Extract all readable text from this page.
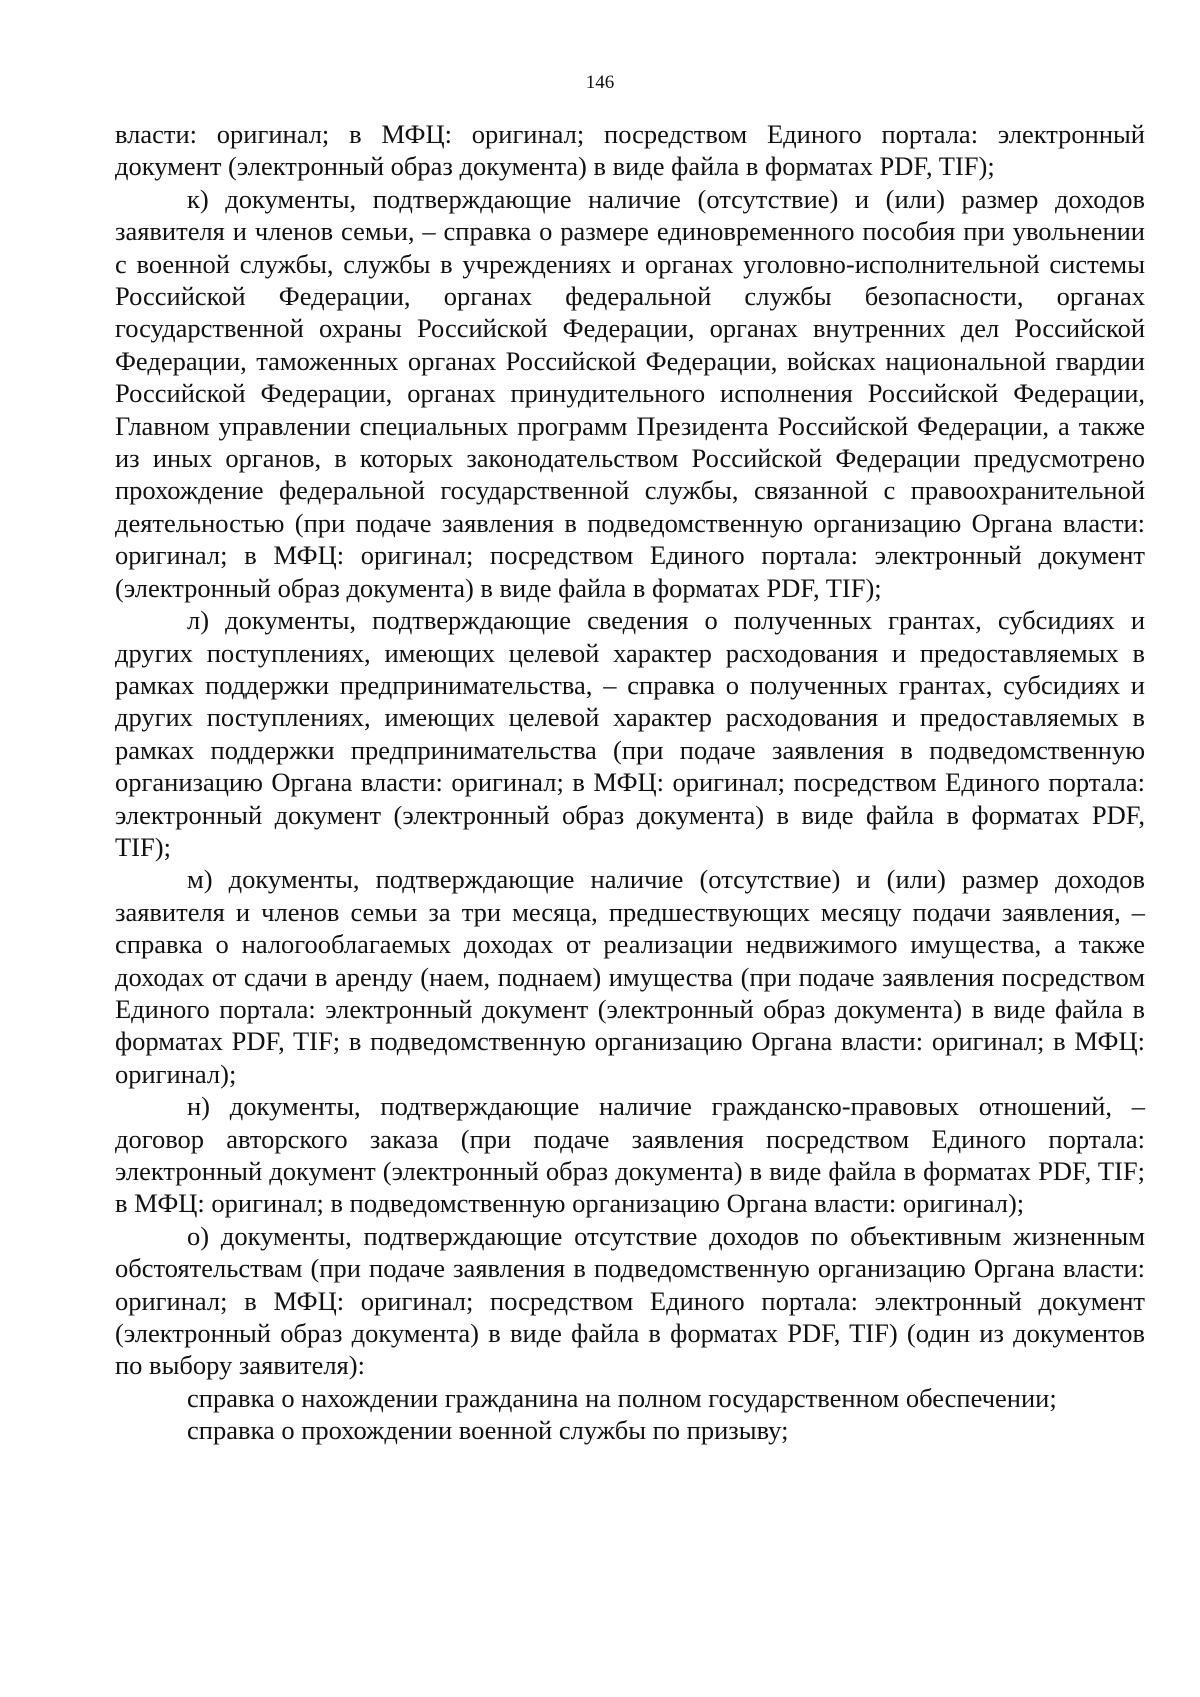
146

власти: оригинал; в МФЦ: оригинал; посредством Единого портала: электронный документ (электронный образ документа) в виде файла в форматах PDF, TIF);

к) документы, подтверждающие наличие (отсутствие) и (или) размер доходов заявителя и членов семьи, – справка о размере единовременного пособия при увольнении с военной службы, службы в учреждениях и органах уголовно-исполнительной системы Российской Федерации, органах федеральной службы безопасности, органах государственной охраны Российской Федерации, органах внутренних дел Российской Федерации, таможенных органах Российской Федерации, войсках национальной гвардии Российской Федерации, органах принудительного исполнения Российской Федерации, Главном управлении специальных программ Президента Российской Федерации, а также из иных органов, в которых законодательством Российской Федерации предусмотрено прохождение федеральной государственной службы, связанной с правоохранительной деятельностью (при подаче заявления в подведомственную организацию Органа власти: оригинал; в МФЦ: оригинал; посредством Единого портала: электронный документ (электронный образ документа) в виде файла в форматах PDF, TIF);

л) документы, подтверждающие сведения о полученных грантах, субсидиях и других поступлениях, имеющих целевой характер расходования и предоставляемых в рамках поддержки предпринимательства, – справка о полученных грантах, субсидиях и других поступлениях, имеющих целевой характер расходования и предоставляемых в рамках поддержки предпринимательства (при подаче заявления в подведомственную организацию Органа власти: оригинал; в МФЦ: оригинал; посредством Единого портала: электронный документ (электронный образ документа) в виде файла в форматах PDF, TIF);

м) документы, подтверждающие наличие (отсутствие) и (или) размер доходов заявителя и членов семьи за три месяца, предшествующих месяцу подачи заявления, – справка о налогооблагаемых доходах от реализации недвижимого имущества, а также доходах от сдачи в аренду (наем, поднаем) имущества (при подаче заявления посредством Единого портала: электронный документ (электронный образ документа) в виде файла в форматах PDF, TIF; в подведомственную организацию Органа власти: оригинал; в МФЦ: оригинал);

н) документы, подтверждающие наличие гражданско-правовых отношений, – договор авторского заказа (при подаче заявления посредством Единого портала: электронный документ (электронный образ документа) в виде файла в форматах PDF, TIF; в МФЦ: оригинал; в подведомственную организацию Органа власти: оригинал);

о) документы, подтверждающие отсутствие доходов по объективным жизненным обстоятельствам (при подаче заявления в подведомственную организацию Органа власти: оригинал; в МФЦ: оригинал; посредством Единого портала: электронный документ (электронный образ документа) в виде файла в форматах PDF, TIF) (один из документов по выбору заявителя):

справка о нахождении гражданина на полном государственном обеспечении;

справка о прохождении военной службы по призыву;
